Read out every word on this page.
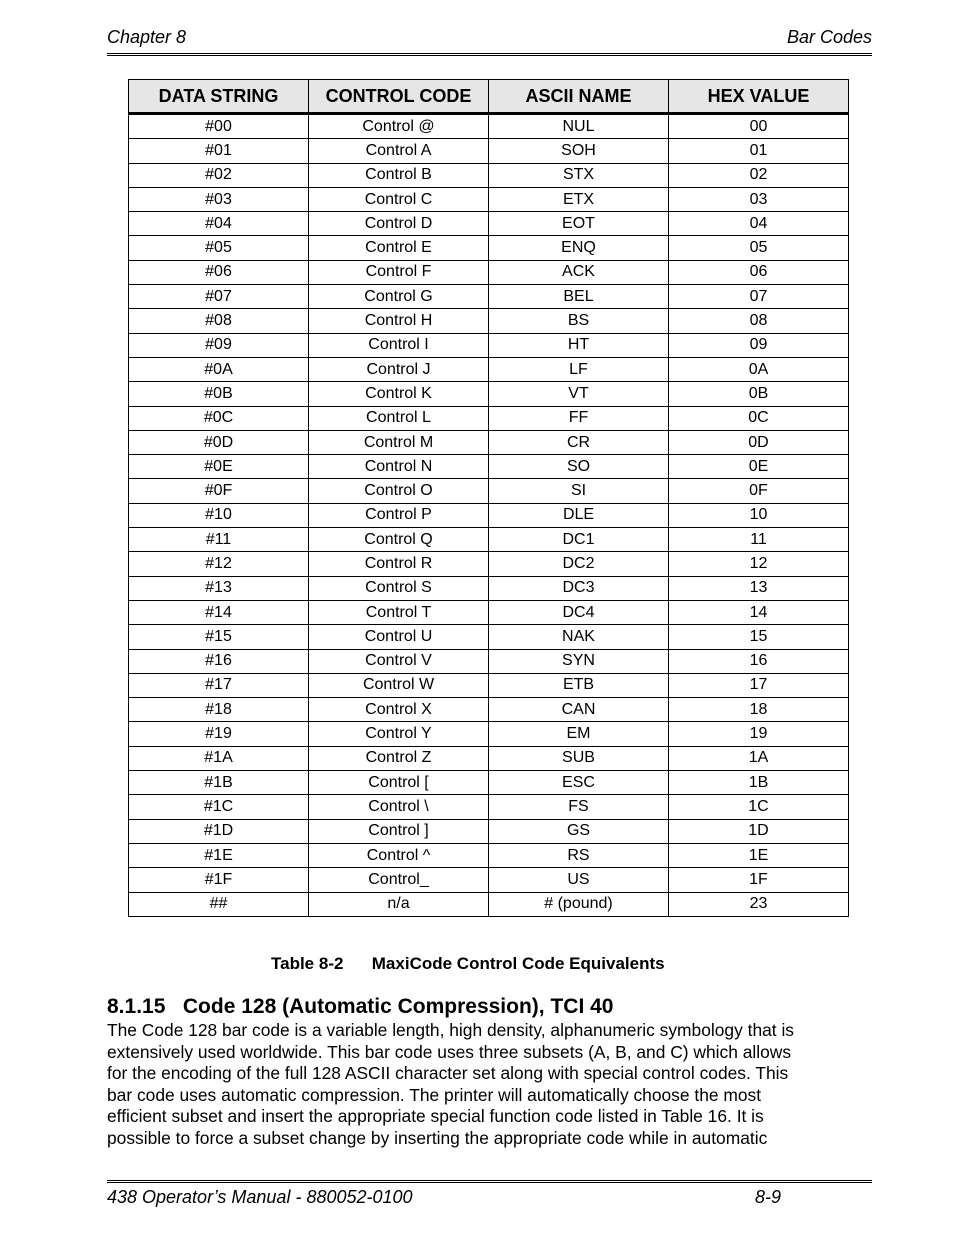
Chapter 8	Bar Codes
DATA STRING	CONTROL CODE	ASCII NAME	HEX VALUE
#00	Control @	NUL	00
#01	Control A	SOH	01
#02	Control B	STX	02
#03	Control C	ETX	03
#04	Control D	EOT	04
#05	Control E	ENQ	05
#06	Control F	ACK	06
#07	Control G	BEL	07
#08	Control H	BS	08
#09	Control I	HT	09
#0A	Control J	LF	0A
#0B	Control K	VT	0B
#0C	Control L	FF	0C
#0D	Control M	CR	0D
#0E	Control N	SO	0E
#0F	Control O	SI	0F
#10	Control P	DLE	10
#11	Control Q	DC1	11
#12	Control R	DC2	12
#13	Control S	DC3	13
#14	Control T	DC4	14
#15	Control U	NAK	15
#16	Control V	SYN	16
#17	Control W	ETB	17
#18	Control X	CAN	18
#19	Control Y	EM	19
#1A	Control Z	SUB	1A
#1B	Control [	ESC	1B
#1C	Control \	FS	1C
#1D	Control ]	GS	1D
#1E	Control ^	RS	1E
#1F	Control_	US	1F
##	n/a	# (pound)	23
Table 8-2      MaxiCode Control Code Equivalents
8.1.15   Code 128 (Automatic Compression), TCI 40
The Code 128 bar code is a variable length, high density, alphanumeric symbology that is
extensively used worldwide. This bar code uses three subsets (A, B, and C) which allows
for the encoding of the full 128 ASCII character set along with special control codes. This
bar code uses automatic compression. The printer will automatically choose the most
efficient subset and insert the appropriate special function code listed in Table 16. It is
possible to force a subset change by inserting the appropriate code while in automatic
438 Operator’s Manual - 880052-0100	8-9
